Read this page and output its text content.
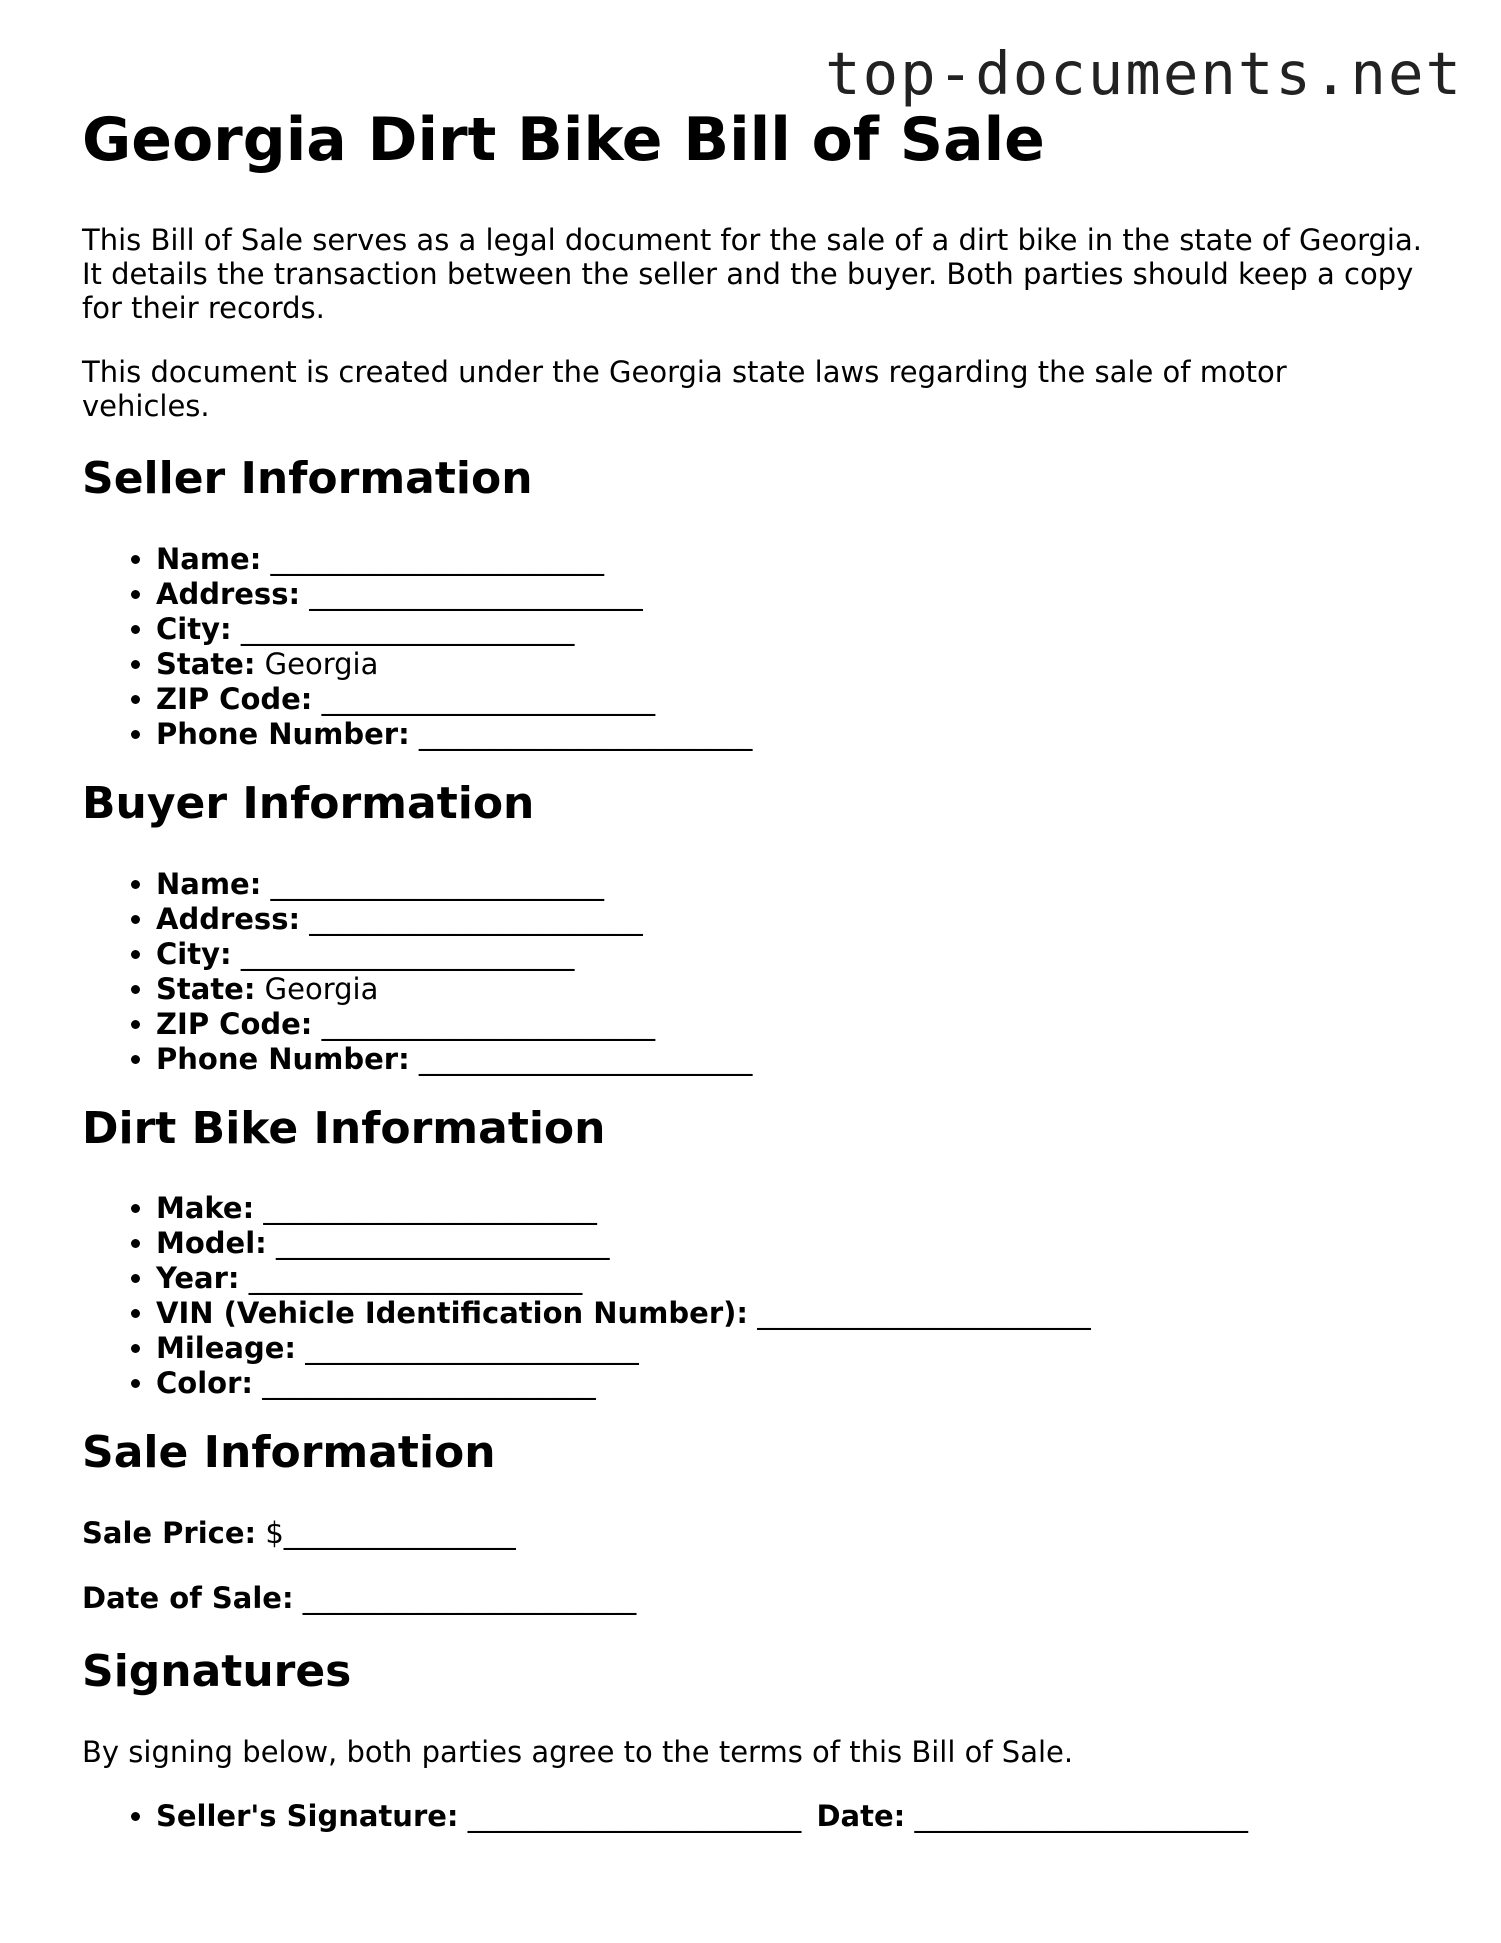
top-documents.net
Georgia Dirt Bike Bill of Sale

This Bill of Sale serves as a legal document for the sale of a dirt bike in the state of Georgia. It details the transaction between the seller and the buyer. Both parties should keep a copy for their records.

This document is created under the Georgia state laws regarding the sale of motor vehicles.

Seller Information
• Name: _______________________
• Address: _______________________
• City: _______________________
• State: Georgia
• ZIP Code: _______________________
• Phone Number: _______________________
Buyer Information
• Name: _______________________
• Address: _______________________
• City: _______________________
• State: Georgia
• ZIP Code: _______________________
• Phone Number: _______________________
Dirt Bike Information
• Make: _______________________
• Model: _______________________
• Year: _______________________
• VIN (Vehicle Identification Number): _______________________
• Mileage: _______________________
• Color: _______________________
Sale Information

Sale Price: $________________

Date of Sale: _______________________

Signatures

By signing below, both parties agree to the terms of this Bill of Sale.

• Seller's Signature: _______________________ Date: _______________________
